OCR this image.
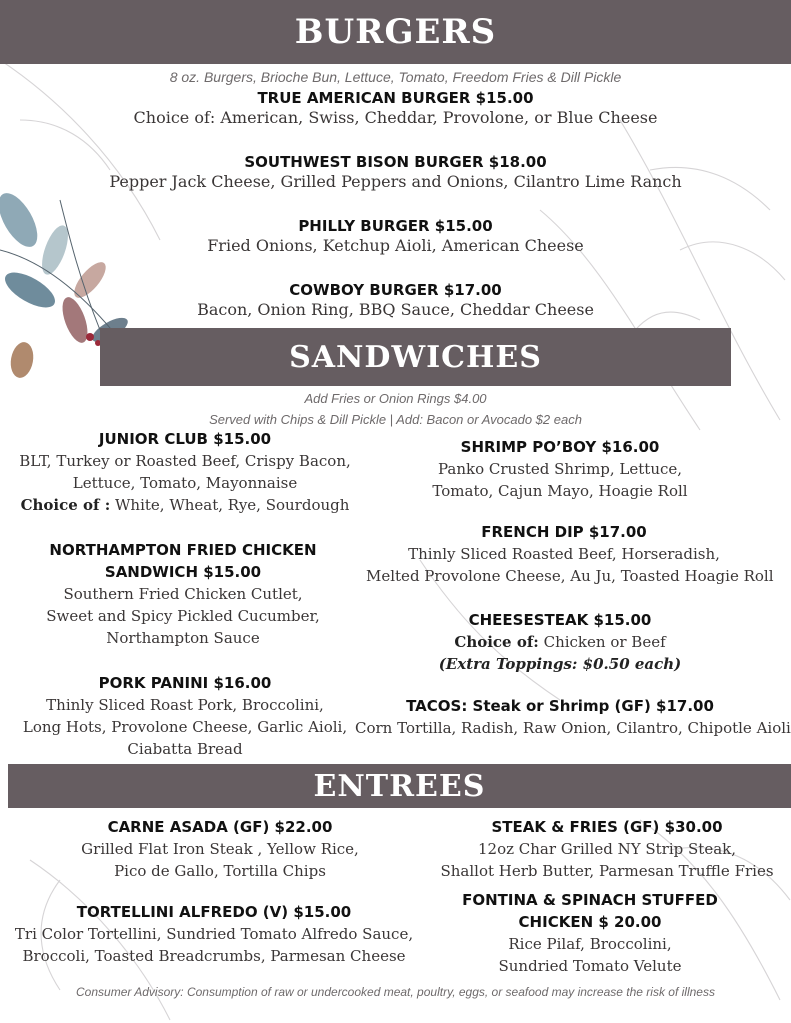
BURGERS
8 oz. Burgers, Brioche Bun, Lettuce, Tomato, Freedom Fries & Dill Pickle
TRUE AMERICAN BURGER $15.00
Choice of: American, Swiss, Cheddar, Provolone, or Blue Cheese
SOUTHWEST BISON BURGER $18.00
Pepper Jack Cheese, Grilled Peppers and Onions, Cilantro Lime Ranch
PHILLY BURGER $15.00
Fried Onions, Ketchup Aioli, American Cheese
COWBOY BURGER $17.00
Bacon, Onion Ring, BBQ Sauce, Cheddar Cheese
SANDWICHES
Add Fries or Onion Rings $4.00
Served with Chips & Dill Pickle | Add: Bacon or Avocado $2 each
JUNIOR CLUB $15.00
BLT, Turkey or Roasted Beef, Crispy Bacon,
Lettuce, Tomato, Mayonnaise
Choice of : White, Wheat, Rye, Sourdough
NORTHAMPTON FRIED CHICKEN
SANDWICH $15.00
Southern Fried Chicken Cutlet,
Sweet and Spicy Pickled Cucumber,
Northampton Sauce
PORK PANINI $16.00
Thinly Sliced Roast Pork, Broccolini,
Long Hots, Provolone Cheese, Garlic Aioli,
Ciabatta Bread
SHRIMP PO’BOY $16.00
Panko Crusted Shrimp, Lettuce,
Tomato, Cajun Mayo, Hoagie Roll
FRENCH DIP $17.00
Thinly Sliced Roasted Beef, Horseradish,
Melted Provolone Cheese, Au Ju, Toasted Hoagie Roll
CHEESESTEAK $15.00
Choice of: Chicken or Beef
(Extra Toppings: $0.50 each)
TACOS: Steak or Shrimp (GF) $17.00
Corn Tortilla, Radish, Raw Onion, Cilantro, Chipotle Aioli
ENTREES
CARNE ASADA (GF) $22.00
Grilled Flat Iron Steak , Yellow Rice,
Pico de Gallo, Tortilla Chips
TORTELLINI ALFREDO (V) $15.00
Tri Color Tortellini, Sundried Tomato Alfredo Sauce,
Broccoli, Toasted Breadcrumbs, Parmesan Cheese
STEAK & FRIES (GF) $30.00
12oz Char Grilled NY Strip Steak,
Shallot Herb Butter, Parmesan Truffle Fries
FONTINA & SPINACH STUFFED
CHICKEN $ 20.00
Rice Pilaf, Broccolini,
Sundried Tomato Velute
Consumer Advisory: Consumption of raw or undercooked meat, poultry, eggs, or seafood may increase the risk of illness
